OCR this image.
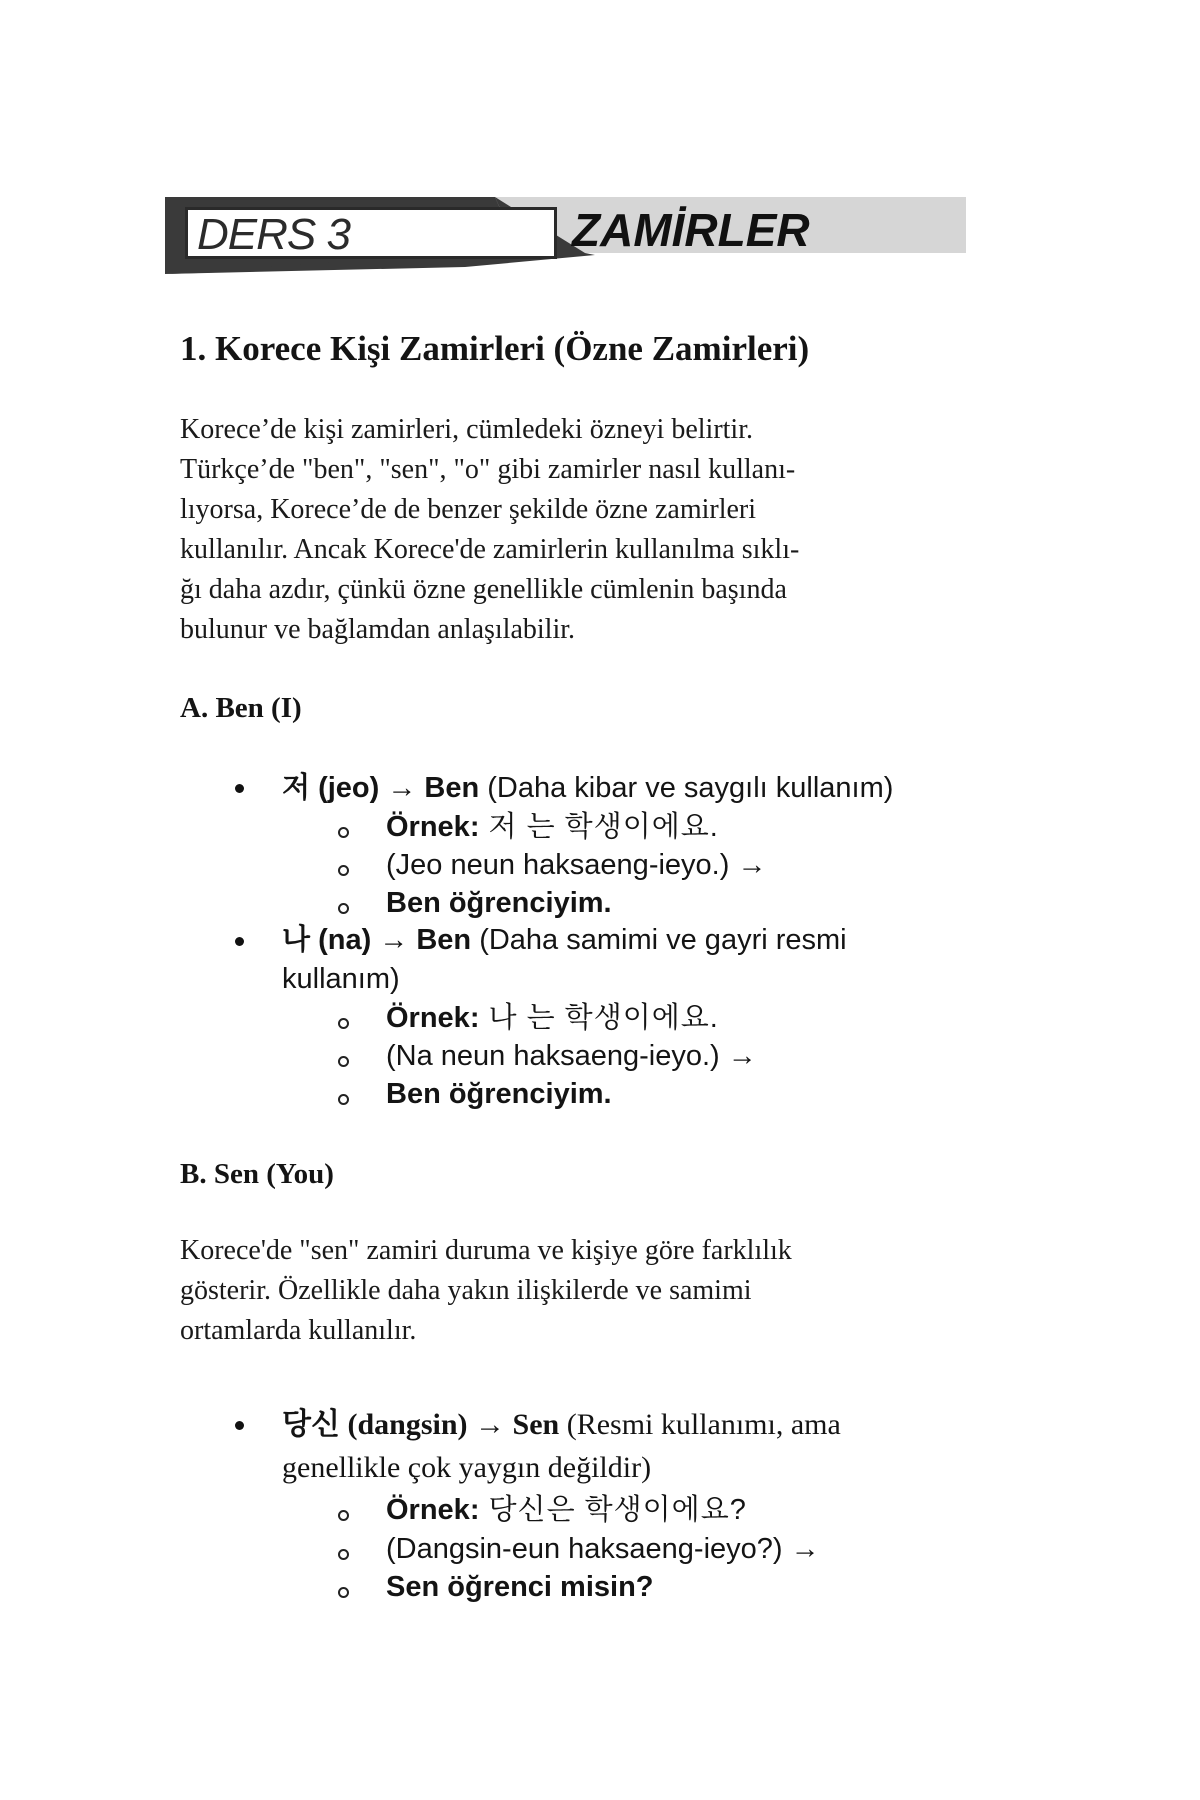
DERS 3	ZAMİRLER
1. Korece Kişi Zamirleri (Özne Zamirleri)
Korece’de kişi zamirleri, cümledeki özneyi belirtir.
Türkçe’de "ben", "sen", "o" gibi zamirler nasıl kullanı-
lıyorsa, Korece’de de benzer şekilde özne zamirleri
kullanılır. Ancak Korece'de zamirlerin kullanılma sıklı-
ğı daha azdır, çünkü özne genellikle cümlenin başında
bulunur ve bağlamdan anlaşılabilir.
A. Ben (I)
저 (jeo) → Ben (Daha kibar ve saygılı kullanım)
Örnek: 저 는 학생이에요.
(Jeo neun haksaeng-ieyo.) →
Ben öğrenciyim.
나 (na) → Ben (Daha samimi ve gayri resmi
kullanım)
Örnek: 나 는 학생이에요.
(Na neun haksaeng-ieyo.) →
Ben öğrenciyim.
B. Sen (You)
Korece'de "sen" zamiri duruma ve kişiye göre farklılık
gösterir. Özellikle daha yakın ilişkilerde ve samimi
ortamlarda kullanılır.
당신 (dangsin) → Sen (Resmi kullanımı, ama
genellikle çok yaygın değildir)
Örnek: 당신은 학생이에요?
(Dangsin-eun haksaeng-ieyo?) →
Sen öğrenci misin?
